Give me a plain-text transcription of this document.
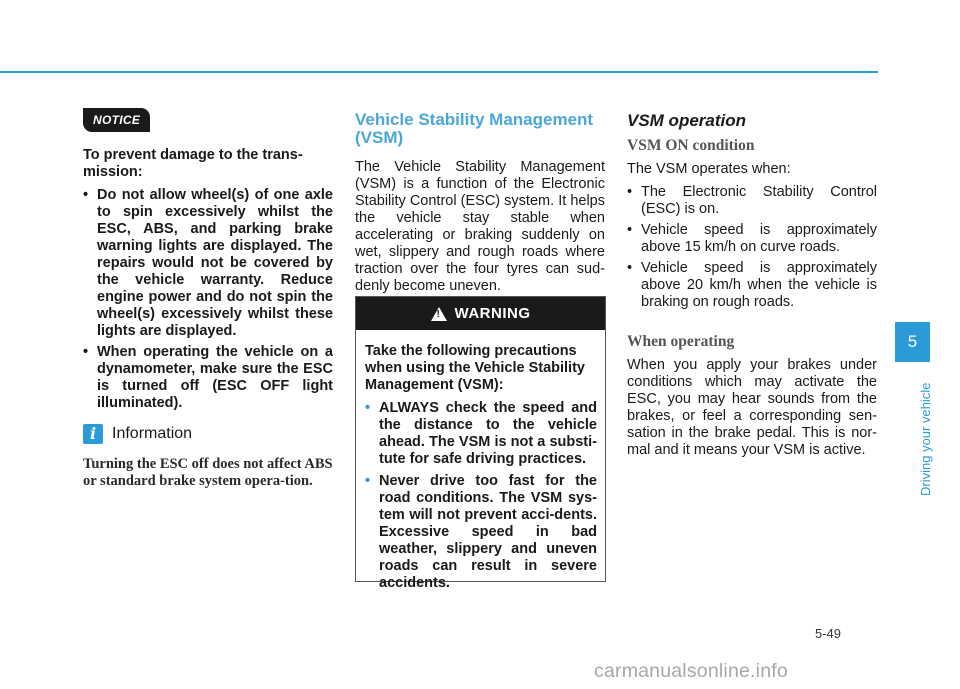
NOTICE
To prevent damage to the trans-mission:
• Do not allow wheel(s) of one axle to spin excessively whilst the ESC, ABS, and parking brake warning lights are displayed. The repairs would not be covered by the vehicle warranty. Reduce engine power and do not spin the wheel(s) excessively whilst these lights are displayed.
• When operating the vehicle on a dynamometer, make sure the ESC is turned off (ESC OFF light illuminated).
i Information
Turning the ESC off does not affect ABS or standard brake system opera-tion.
Vehicle Stability Management (VSM)
The Vehicle Stability Management (VSM) is a function of the Electronic Stability Control (ESC) system. It helps the vehicle stay stable when accelerating or braking suddenly on wet, slippery and rough roads where traction over the four tyres can sud-denly become uneven.
! WARNING
Take the following precautions when using the Vehicle Stability Management (VSM):
• ALWAYS check the speed and the distance to the vehicle ahead. The VSM is not a substi-tute for safe driving practices.
• Never drive too fast for the road conditions. The VSM sys-tem will not prevent acci-dents. Excessive speed in bad weather, slippery and uneven roads can result in severe accidents.
VSM operation
VSM ON condition
The VSM operates when:
• The Electronic Stability Control (ESC) is on.
• Vehicle speed is approximately above 15 km/h on curve roads.
• Vehicle speed is approximately above 20 km/h when the vehicle is braking on rough roads.
When operating
When you apply your brakes under conditions which may activate the ESC, you may hear sounds from the brakes, or feel a corresponding sen-sation in the brake pedal. This is nor-mal and it means your VSM is active.
5
Driving your vehicle
5-49
carmanualsonline.info
